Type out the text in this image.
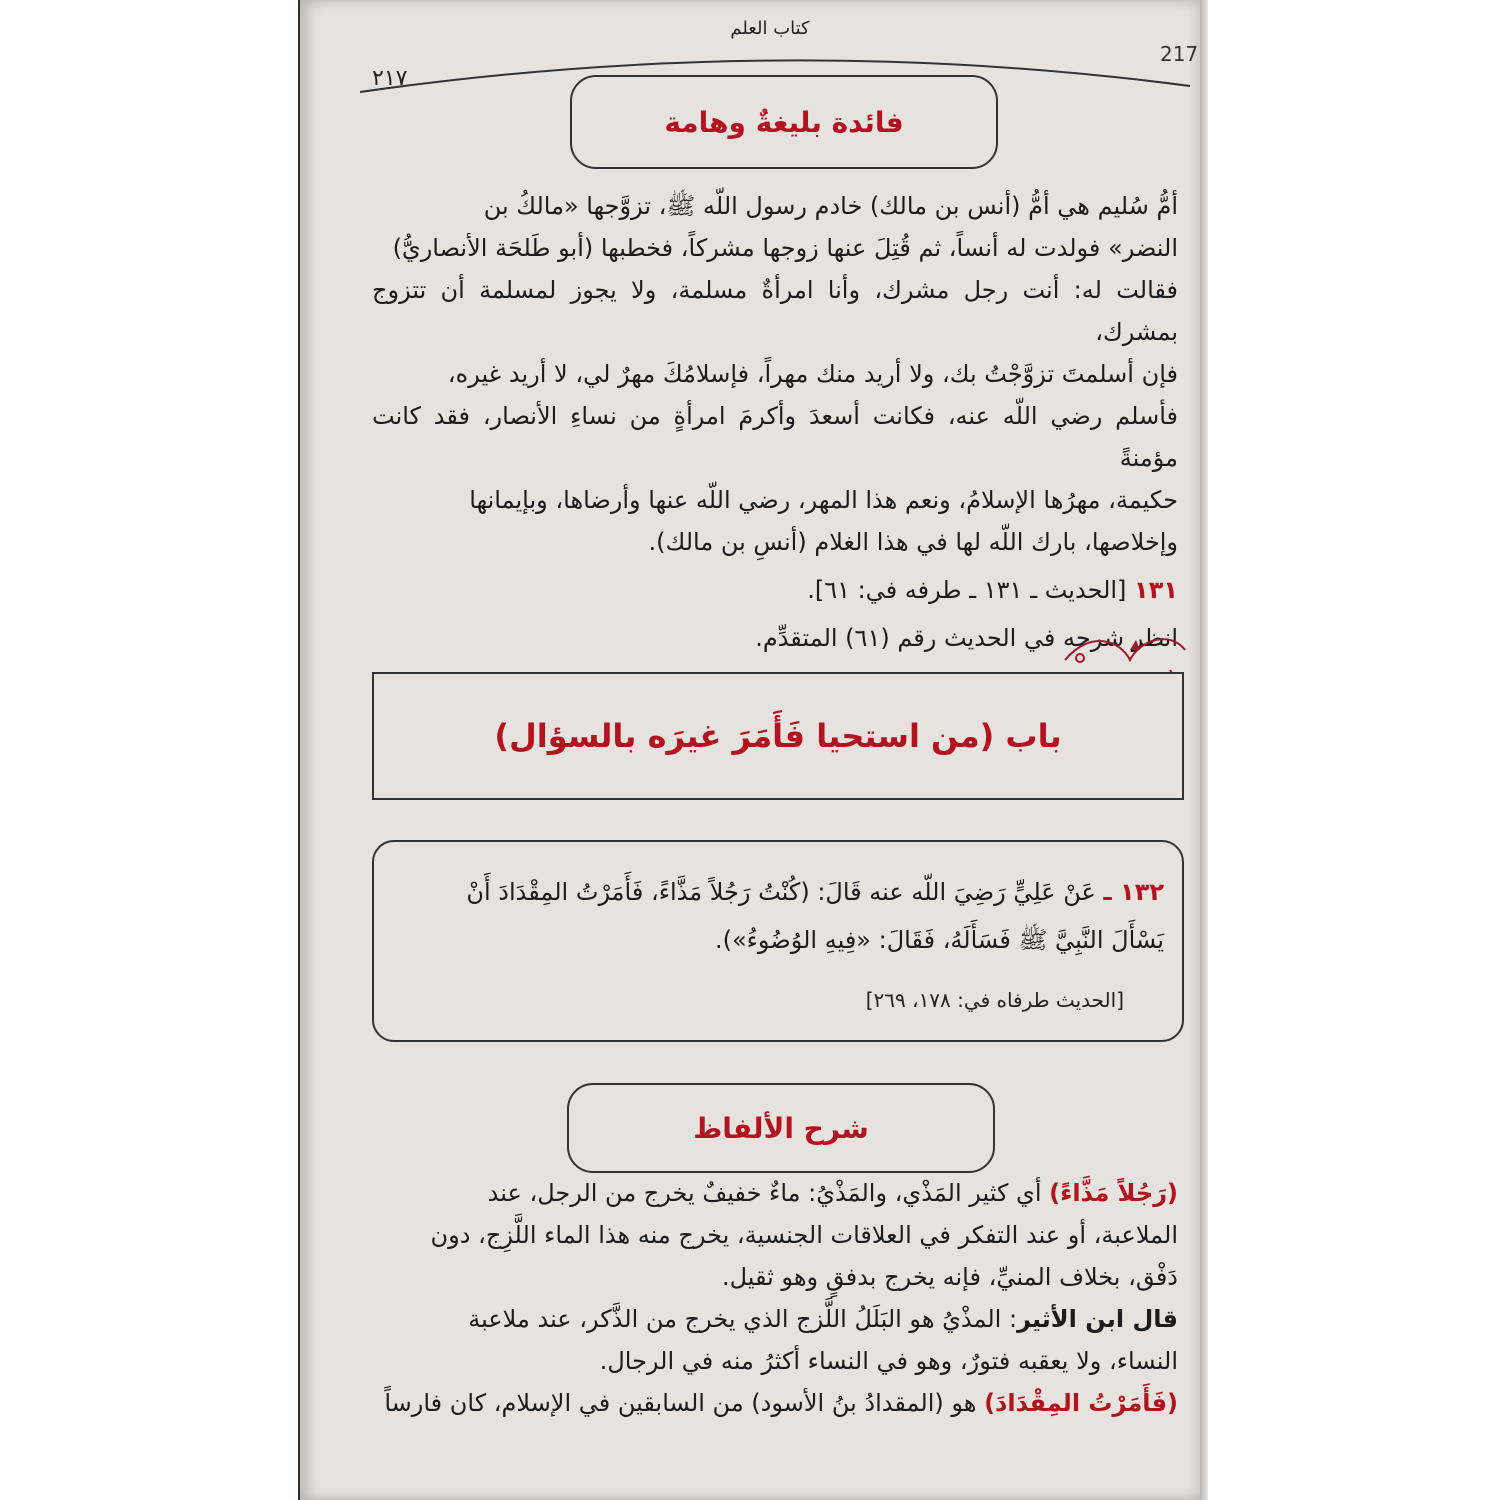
كتاب العلم
٢١٧
217
فائدة بليغةٌ وهامة
أمُّ سُليم هي أمُّ (أنس بن مالك) خادم رسول اللّه ﷺ، تزوَّجها «مالكُ بن
النضر» فولدت له أنساً، ثم قُتِلَ عنها زوجها مشركاً، فخطبها (أبو طَلحَة الأنصاريُّ)
فقالت له: أنت رجل مشرك، وأنا امرأةٌ مسلمة، ولا يجوز لمسلمة أن تتزوج بمشرك،
فإن أسلمتَ تزوَّجْتُ بك، ولا أريد منك مهراً، فإسلامُكَ مهرٌ لي، لا أريد غيره،
فأسلم رضي اللّه عنه، فكانت أسعدَ وأكرمَ امرأةٍ من نساءِ الأنصار، فقد كانت مؤمنةً
حكيمة، مهرُها الإسلامُ، ونعم هذا المهر، رضي اللّه عنها وأرضاها، وبإيمانها
وإخلاصها، بارك اللّه لها في هذا الغلام (أنسِ بن مالك).
١٣١ [الحديث ـ ١٣١ ـ طرفه في: ٦١].
انظر شرحه في الحديث رقم (٦١) المتقدِّم.
باب (من استحيا فَأَمَرَ غيرَه بالسؤال)
١٣٢ ـ عَنْ عَلِيٍّ رَضِيَ اللّه عنه قَالَ: (كُنْتُ رَجُلاً مَذَّاءً، فَأَمَرْتُ المِقْدَادَ أَنْ
يَسْأَلَ النَّبِيَّ ﷺ فَسَأَلَهُ، فَقَالَ: «فِيهِ الوُضُوءُ»).
[الحديث طرفاه في: ١٧٨، ٢٦٩]
شرح الألفاظ
(رَجُلاً مَذَّاءً) أي كثير المَذْي، والمَذْيُ: ماءٌ خفيفٌ يخرج من الرجل، عند
الملاعبة، أو عند التفكر في العلاقات الجنسية، يخرج منه هذا الماء اللَّزِج، دون
دَفْق، بخلاف المنيِّ، فإنه يخرج بدفقٍ وهو ثقيل.
قال ابن الأثير: المذْيُ هو البَلَلُ اللَّزج الذي يخرج من الذَّكر، عند ملاعبة
النساء، ولا يعقبه فتورٌ، وهو في النساء أكثرُ منه في الرجال.
(فَأَمَرْتُ المِقْدَادَ) هو (المقدادُ بنُ الأسود) من السابقين في الإسلام، كان فارساً
